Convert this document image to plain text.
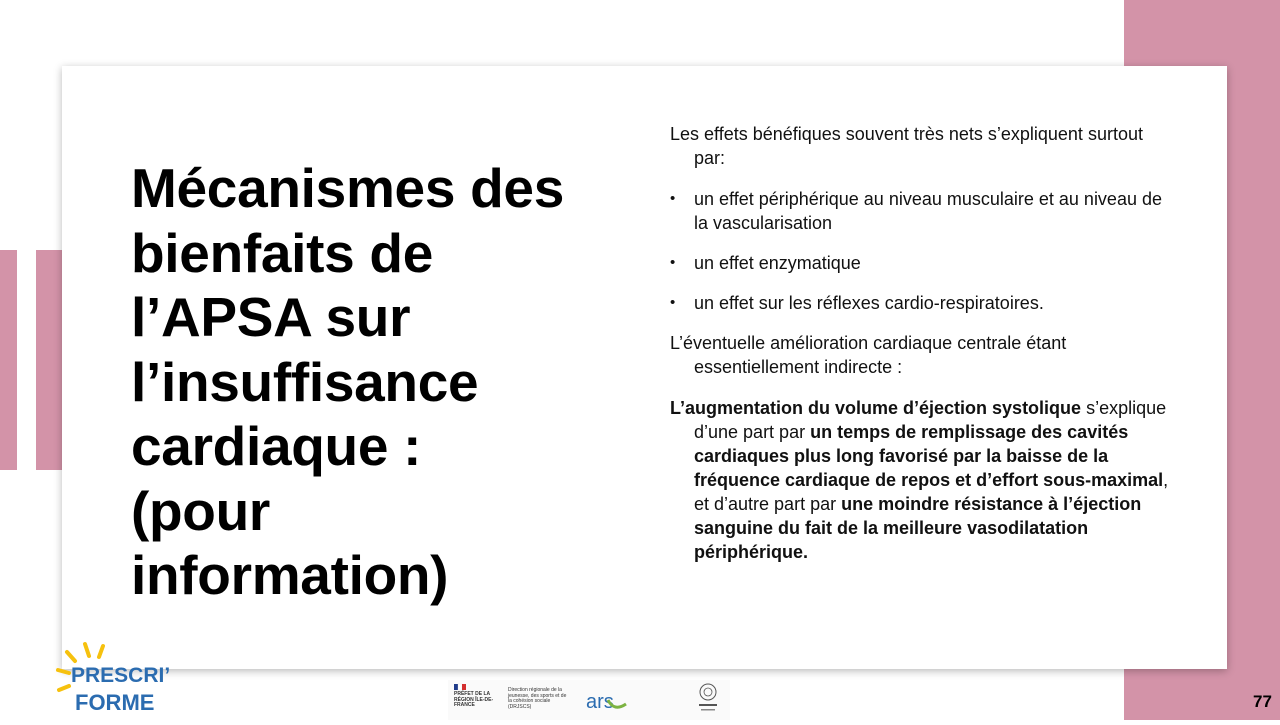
Mécanismes des bienfaits de l’APSA sur l’insuffisance cardiaque : (pour information)

Les effets bénéfiques souvent très nets s’expliquent surtout par:

• un effet périphérique au niveau musculaire et au niveau de la vascularisation

• un effet enzymatique

• un effet sur les réflexes cardio-respiratoires.

L’éventuelle amélioration cardiaque centrale étant essentiellement indirecte :

L’augmentation du volume d’éjection systolique s’explique d’une part par un temps de remplissage des cavités cardiaques plus long favorisé par la baisse de la fréquence cardiaque de repos et d’effort sous-maximal, et d’autre part par une moindre résistance à l’éjection sanguine du fait de la meilleure vasodilatation périphérique.

PRESCRI’
FORME	ars
PRÉFET DE LA RÉGION ÎLE-DE-FRANCE
Direction régionale de la jeunesse, des sports et de la cohésion sociale (DRJSCS)	77
